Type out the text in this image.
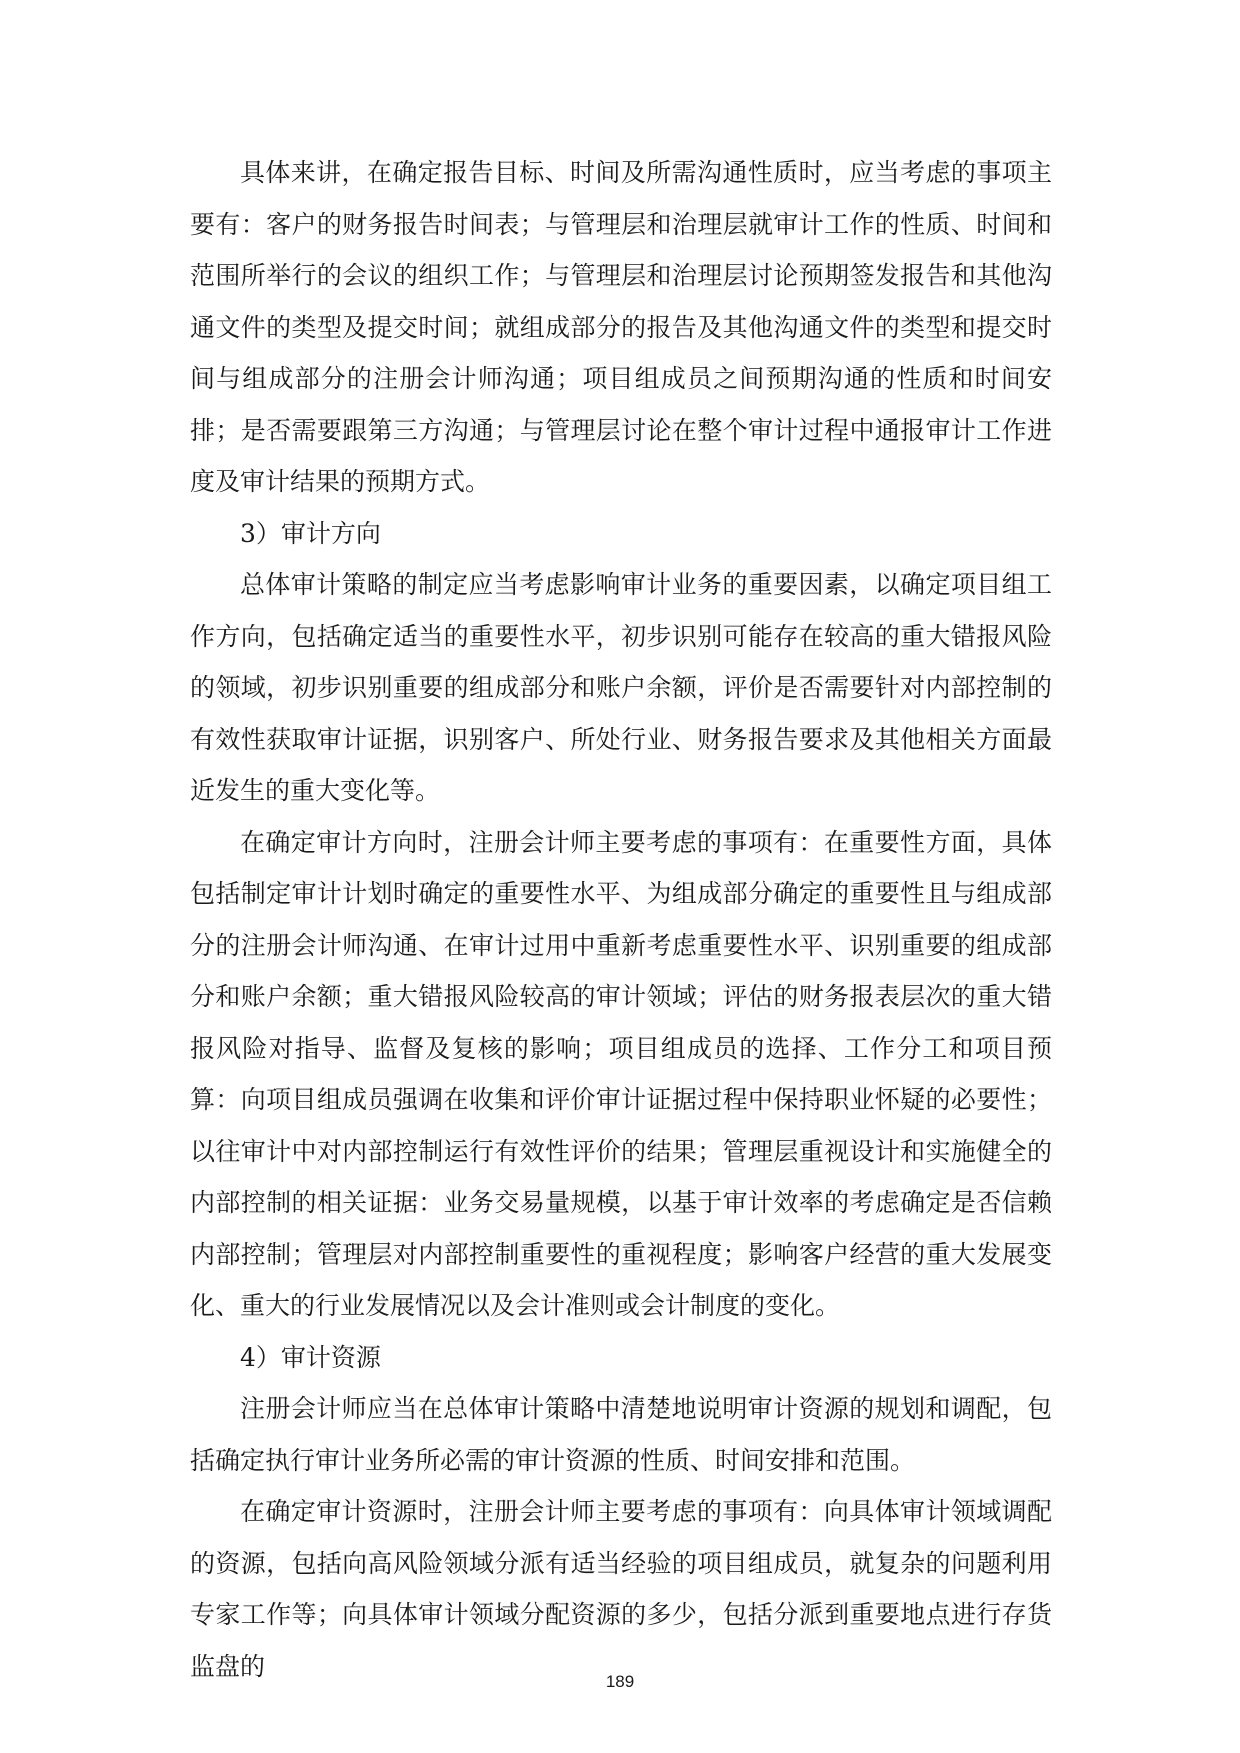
具体来讲，在确定报告目标、时间及所需沟通性质时，应当考虑的事项主要有：客户的财务报告时间表；与管理层和治理层就审计工作的性质、时间和范围所举行的会议的组织工作；与管理层和治理层讨论预期签发报告和其他沟通文件的类型及提交时间；就组成部分的报告及其他沟通文件的类型和提交时间与组成部分的注册会计师沟通；项目组成员之间预期沟通的性质和时间安排；是否需要跟第三方沟通；与管理层讨论在整个审计过程中通报审计工作进度及审计结果的预期方式。

3）审计方向

总体审计策略的制定应当考虑影响审计业务的重要因素，以确定项目组工作方向，包括确定适当的重要性水平，初步识别可能存在较高的重大错报风险的领域，初步识别重要的组成部分和账户余额，评价是否需要针对内部控制的有效性获取审计证据，识别客户、所处行业、财务报告要求及其他相关方面最近发生的重大变化等。

在确定审计方向时，注册会计师主要考虑的事项有：在重要性方面，具体包括制定审计计划时确定的重要性水平、为组成部分确定的重要性且与组成部分的注册会计师沟通、在审计过用中重新考虑重要性水平、识别重要的组成部分和账户余额；重大错报风险较高的审计领域；评估的财务报表层次的重大错报风险对指导、监督及复核的影响；项目组成员的选择、工作分工和项目预算：向项目组成员强调在收集和评价审计证据过程中保持职业怀疑的必要性；以往审计中对内部控制运行有效性评价的结果；管理层重视设计和实施健全的内部控制的相关证据：业务交易量规模，以基于审计效率的考虑确定是否信赖内部控制；管理层对内部控制重要性的重视程度；影响客户经营的重大发展变化、重大的行业发展情况以及会计准则或会计制度的变化。

4）审计资源

注册会计师应当在总体审计策略中清楚地说明审计资源的规划和调配，包括确定执行审计业务所必需的审计资源的性质、时间安排和范围。

在确定审计资源时，注册会计师主要考虑的事项有：向具体审计领域调配的资源，包括向高风险领域分派有适当经验的项目组成员，就复杂的问题利用专家工作等；向具体审计领域分配资源的多少，包括分派到重要地点进行存货监盘的

189
